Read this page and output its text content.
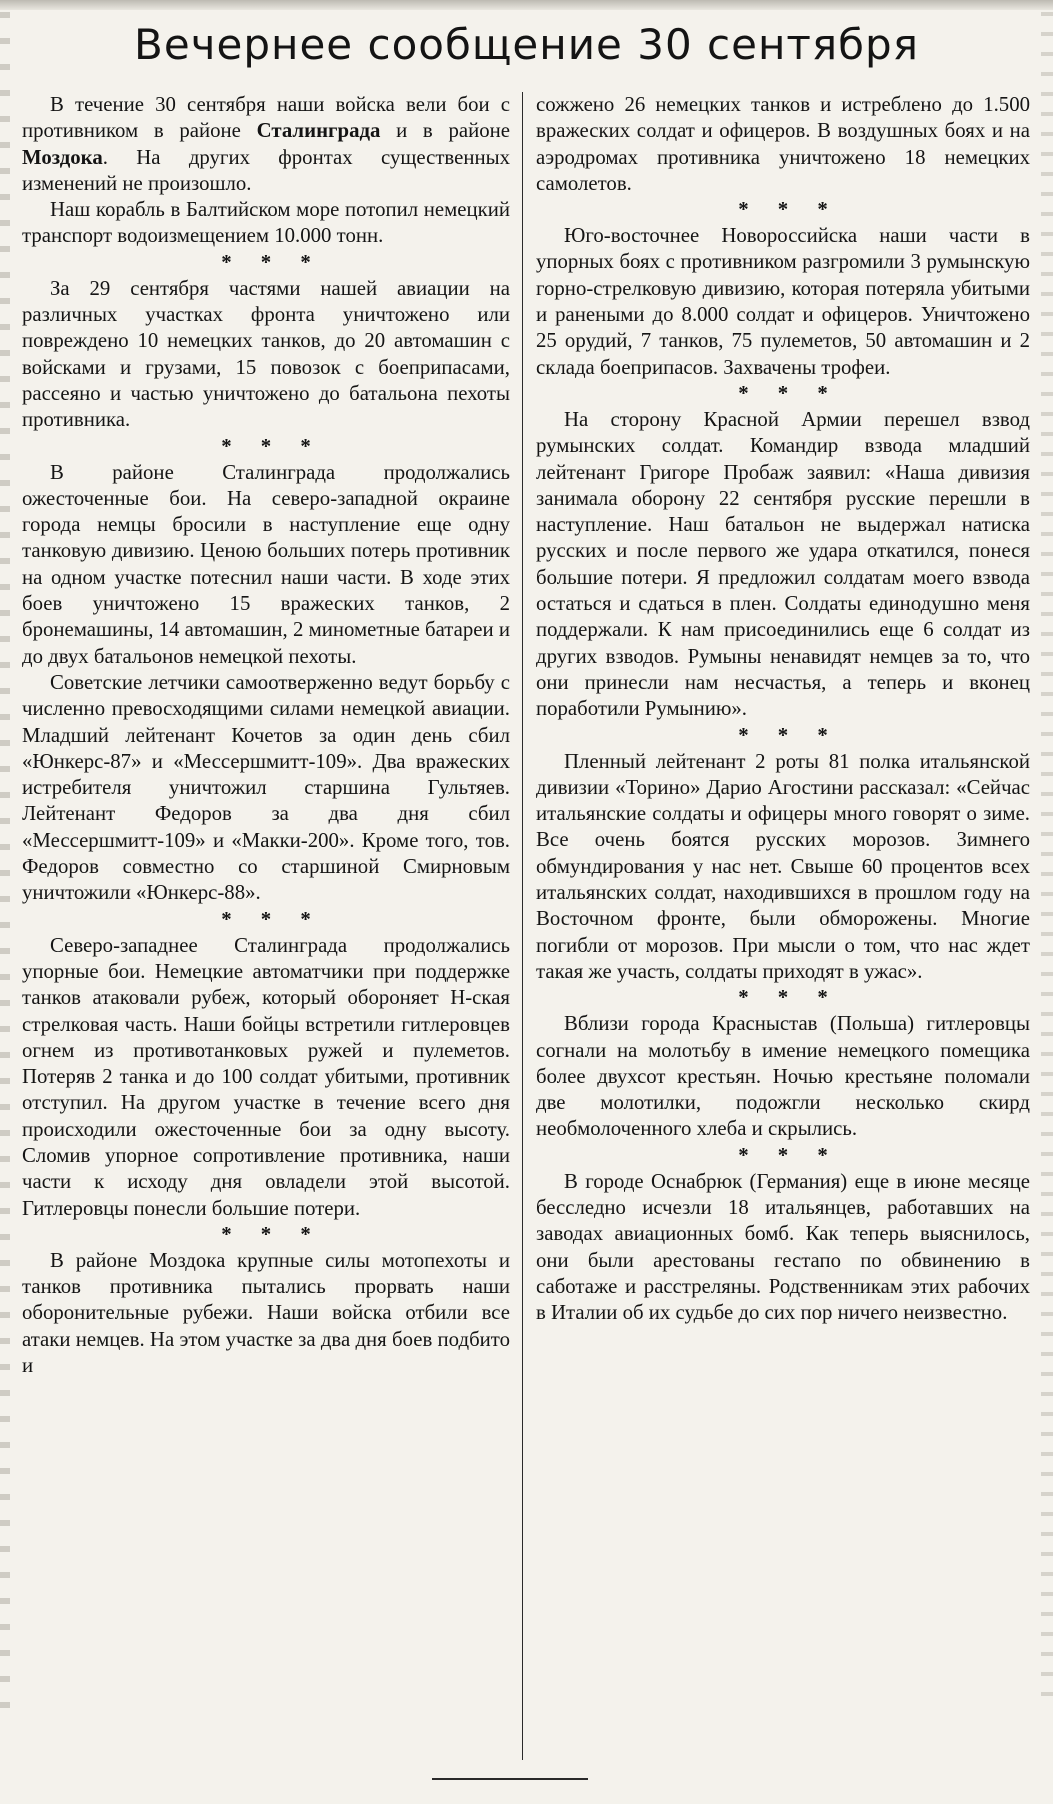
Вечернее сообщение 30 сентября

В течение 30 сентября наши войска вели бои с противником в районе Сталинграда и в районе Моздока. На других фронтах существенных изменений не произошло.

Наш корабль в Балтийском море потопил немецкий транспорт водоизмещением 10.000 тонн.

* * *

За 29 сентября частями нашей авиации на различных участках фронта уничтожено или повреждено 10 немецких танков, до 20 автомашин с войсками и грузами, 15 повозок с боеприпасами, рассеяно и частью уничтожено до батальона пехоты противника.

* * *

В районе Сталинграда продолжались ожесточенные бои. На северо-западной окраине города немцы бросили в наступление еще одну танковую дивизию. Ценою больших потерь противник на одном участке потеснил наши части. В ходе этих боев уничтожено 15 вражеских танков, 2 бронемашины, 14 автомашин, 2 минометные батареи и до двух батальонов немецкой пехоты.

Советские летчики самоотверженно ведут борьбу с численно превосходящими силами немецкой авиации. Младший лейтенант Кочетов за один день сбил «Юнкерс-87» и «Мессершмитт-109». Два вражеских истребителя уничтожил старшина Гультяев. Лейтенант Федоров за два дня сбил «Мессершмитт-109» и «Макки-200». Кроме того, тов. Федоров совместно со старшиной Смирновым уничтожили «Юнкерс-88».

* * *

Северо-западнее Сталинграда продолжались упорные бои. Немецкие автоматчики при поддержке танков атаковали рубеж, который обороняет Н-ская стрелковая часть. Наши бойцы встретили гитлеровцев огнем из противотанковых ружей и пулеметов. Потеряв 2 танка и до 100 солдат убитыми, противник отступил. На другом участке в течение всего дня происходили ожесточенные бои за одну высоту. Сломив упорное сопротивление противника, наши части к исходу дня овладели этой высотой. Гитлеровцы понесли большие потери.

* * *

В районе Моздока крупные силы мотопехоты и танков противника пытались прорвать наши оборонительные рубежи. Наши войска отбили все атаки немцев. На этом участке за два дня боев подбито и

сожжено 26 немецких танков и истреблено до 1.500 вражеских солдат и офицеров. В воздушных боях и на аэродромах противника уничтожено 18 немецких самолетов.

* * *

Юго-восточнее Новороссийска наши части в упорных боях с противником разгромили 3 румынскую горно-стрелковую дивизию, которая потеряла убитыми и ранеными до 8.000 солдат и офицеров. Уничтожено 25 орудий, 7 танков, 75 пулеметов, 50 автомашин и 2 склада боеприпасов. Захвачены трофеи.

* * *

На сторону Красной Армии перешел взвод румынских солдат. Командир взвода младший лейтенант Григоре Пробаж заявил: «Наша дивизия занимала оборону 22 сентября русские перешли в наступление. Наш батальон не выдержал натиска русских и после первого же удара откатился, понеся большие потери. Я предложил солдатам моего взвода остаться и сдаться в плен. Солдаты единодушно меня поддержали. К нам присоединились еще 6 солдат из других взводов. Румыны ненавидят немцев за то, что они принесли нам несчастья, а теперь и вконец поработили Румынию».

* * *

Пленный лейтенант 2 роты 81 полка итальянской дивизии «Торино» Дарио Агостини рассказал: «Сейчас итальянские солдаты и офицеры много говорят о зиме. Все очень боятся русских морозов. Зимнего обмундирования у нас нет. Свыше 60 процентов всех итальянских солдат, находившихся в прошлом году на Восточном фронте, были обморожены. Многие погибли от морозов. При мысли о том, что нас ждет такая же участь, солдаты приходят в ужас».

* * *

Вблизи города Красныстав (Польша) гитлеровцы согнали на молотьбу в имение немецкого помещика более двухсот крестьян. Ночью крестьяне поломали две молотилки, подожгли несколько скирд необмолоченного хлеба и скрылись.

* * *

В городе Оснабрюк (Германия) еще в июне месяце бесследно исчезли 18 итальянцев, работавших на заводах авиационных бомб. Как теперь выяснилось, они были арестованы гестапо по обвинению в саботаже и расстреляны. Родственникам этих рабочих в Италии об их судьбе до сих пор ничего неизвестно.
